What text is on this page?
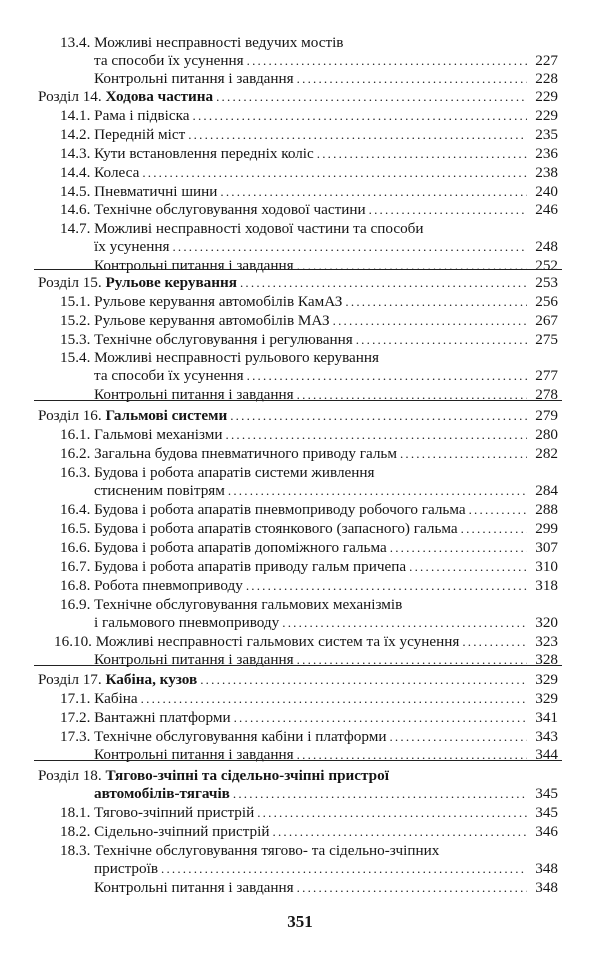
13.4. Можливі несправності ведучих мостів
та способи їх усунення .....	227
Контрольні питання і завдання .....	228
Розділ 14. Ходова частина .....	229
14.1. Рама і підвіска .....	229
14.2. Передній міст .....	235
14.3. Кути встановлення передніх коліс .....	236
14.4. Колеса .....	238
14.5. Пневматичні шини .....	240
14.6. Технічне обслуговування ходової частини .....	246
14.7. Можливі несправності ходової частини та способи
їх усунення .....	248
Контрольні питання і завдання .....	252
Розділ 15. Рульове керування .....	253
15.1. Рульове керування автомобілів КамАЗ .....	256
15.2. Рульове керування автомобілів МАЗ .....	267
15.3. Технічне обслуговування і регулювання .....	275
15.4. Можливі несправності рульового керування
та способи їх усунення .....	277
Контрольні питання і завдання .....	278
Розділ 16. Гальмові системи .....	279
16.1. Гальмові механізми .....	280
16.2. Загальна будова пневматичного приводу гальм .....	282
16.3. Будова і робота апаратів системи живлення
стисненим повітрям .....	284
16.4. Будова і робота апаратів пневмоприводу робочого гальма .....	288
16.5. Будова і робота апаратів стоянкового (запасного) гальма .....	299
16.6. Будова і робота апаратів допоміжного гальма .....	307
16.7. Будова і робота апаратів приводу гальм причепа .....	310
16.8. Робота пневмоприводу .....	318
16.9. Технічне обслуговування гальмових механізмів
і гальмового пневмоприводу .....	320
16.10. Можливі несправності гальмових систем та їх усунення .....	323
Контрольні питання і завдання .....	328
Розділ 17. Кабіна, кузов .....	329
17.1. Кабіна .....	329
17.2. Вантажні платформи .....	341
17.3. Технічне обслуговування кабіни і платформи .....	343
Контрольні питання і завдання .....	344
Розділ 18. Тягово-зчіпні та сідельно-зчіпні пристрої
автомобілів-тягачів .....	345
18.1. Тягово-зчіпний пристрій .....	345
18.2. Сідельно-зчіпний пристрій .....	346
18.3. Технічне обслуговування тягово- та сідельно-зчіпних
пристроїв .....	348
Контрольні питання і завдання .....	348
351
